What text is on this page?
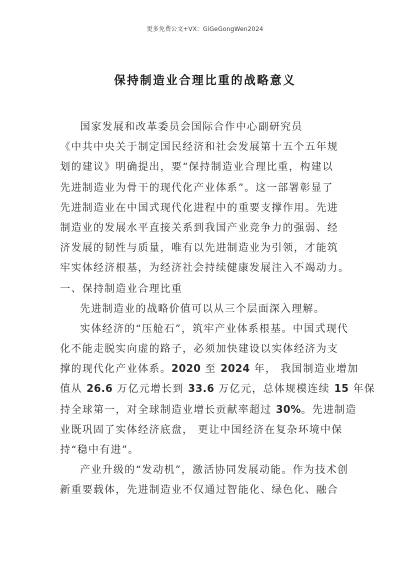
更多免费公文+VX：GiGeGongWen2024
保持制造业合理比重的战略意义
国家发展和改革委员会国际合作中心副研究员
《中共中央关于制定国民经济和社会发展第十五个五年规
划的建议》明确提出，要“保持制造业合理比重，构建以
先进制造业为骨干的现代化产业体系”。这一部署彰显了
先进制造业在中国式现代化进程中的重要支撑作用。先进
制造业的发展水平直接关系到我国产业竞争力的强弱、经
济发展的韧性与质量，唯有以先进制造业为引领，才能筑
牢实体经济根基，为经济社会持续健康发展注入不竭动力。
一、保持制造业合理比重
先进制造业的战略价值可以从三个层面深入理解。
实体经济的“压舱石”，筑牢产业体系根基。中国式现代
化不能走脱实向虚的路子，必须加快建设以实体经济为支
撑的现代化产业体系。2020 至 2024 年， 我国制造业增加
值从 26.6 万亿元增长到 33.6 万亿元，总体规模连续 15 年保
持全球第一，对全球制造业增长贡献率超过 30%。先进制造
业既巩固了实体经济底盘， 更让中国经济在复杂环境中保
持“稳中有进”。
产业升级的“发动机”，激活协同发展动能。作为技术创
新重要载体，先进制造业不仅通过智能化、绿色化、融合
